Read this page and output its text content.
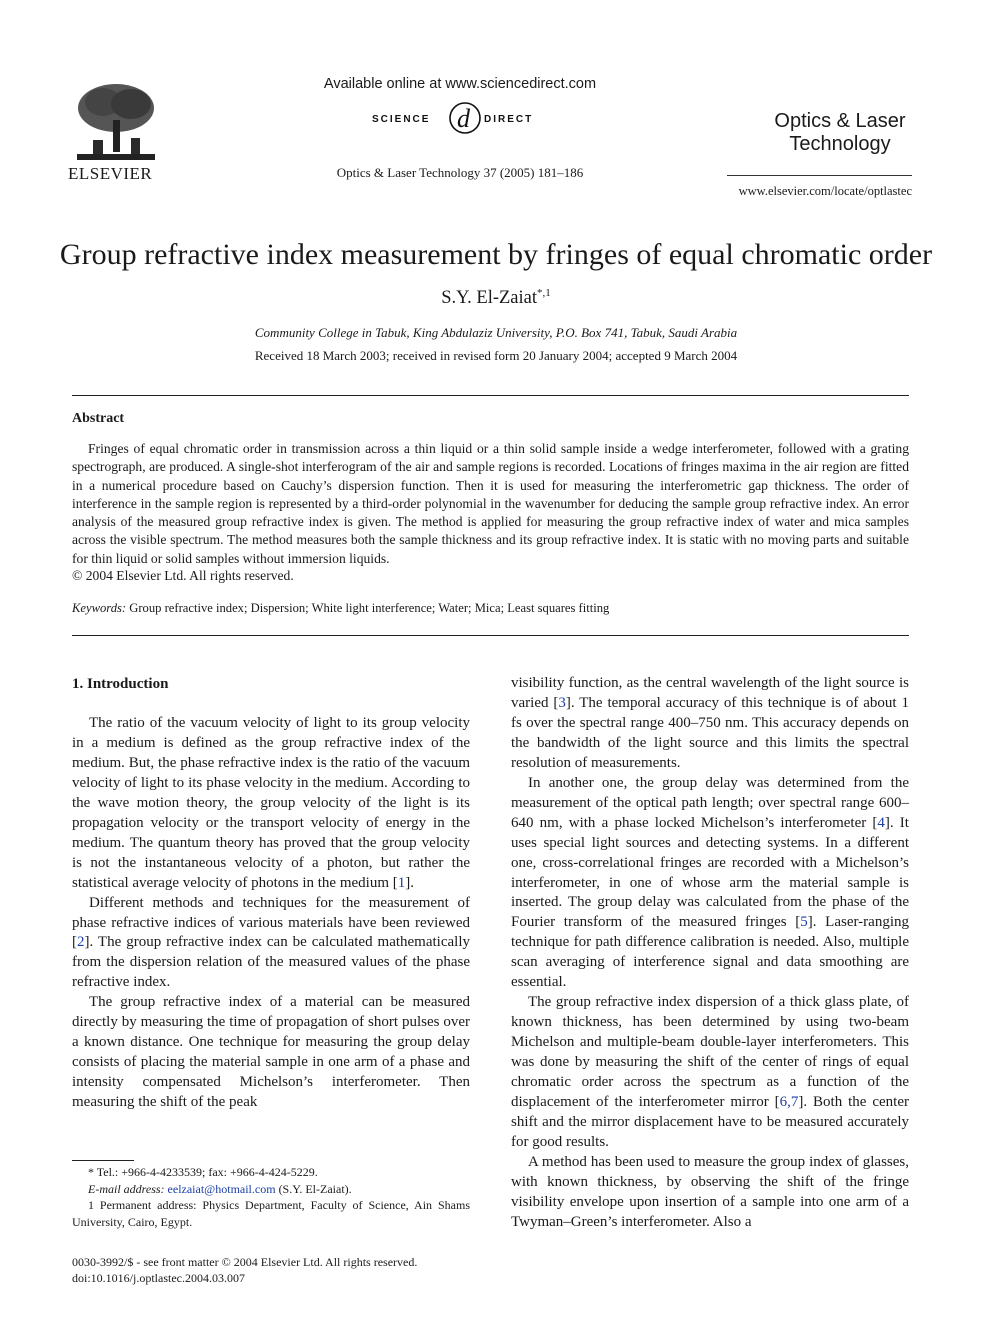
ELSEVIER
Available online at www.sciencedirect.com
SCIENCE d DIRECT
Optics & Laser Technology 37 (2005) 181–186
Optics & Laser
Technology
www.elsevier.com/locate/optlastec
Group refractive index measurement by fringes of equal chromatic order
S.Y. El-Zaiat$^{*,1}$
Community College in Tabuk, King Abdulaziz University, P.O. Box 741, Tabuk, Saudi Arabia
Received 18 March 2003; received in revised form 20 January 2004; accepted 9 March 2004
Abstract

Fringes of equal chromatic order in transmission across a thin liquid or a thin solid sample inside a wedge interferometer, followed with a grating spectrograph, are produced. A single-shot interferogram of the air and sample regions is recorded. Locations of fringes maxima in the air region are fitted in a numerical procedure based on Cauchy’s dispersion function. Then it is used for measuring the interferometric gap thickness. The order of interference in the sample region is represented by a third-order polynomial in the wavenumber for deducing the sample group refractive index. An error analysis of the measured group refractive index is given. The method is applied for measuring the group refractive index of water and mica samples across the visible spectrum. The method measures both the sample thickness and its group refractive index. It is static with no moving parts and suitable for thin liquid or solid samples without immersion liquids.

© 2004 Elsevier Ltd. All rights reserved.
Keywords: Group refractive index; Dispersion; White light interference; Water; Mica; Least squares fitting
1. Introduction

The ratio of the vacuum velocity of light to its group velocity in a medium is defined as the group refractive index of the medium. But, the phase refractive index is the ratio of the vacuum velocity of light to its phase velocity in the medium. According to the wave motion theory, the group velocity of the light is its propagation velocity or the transport velocity of energy in the medium. The quantum theory has proved that the group velocity is not the instantaneous velocity of a photon, but rather the statistical average velocity of photons in the medium [1].

Different methods and techniques for the measurement of phase refractive indices of various materials have been reviewed [2]. The group refractive index can be calculated mathematically from the dispersion relation of the measured values of the phase refractive index.

The group refractive index of a material can be measured directly by measuring the time of propagation of short pulses over a known distance. One technique for measuring the group delay consists of placing the material sample in one arm of a phase and intensity compensated Michelson’s interferometer. Then measuring the shift of the peak

visibility function, as the central wavelength of the light source is varied [3]. The temporal accuracy of this technique is of about 1 fs over the spectral range 400–750 nm. This accuracy depends on the bandwidth of the light source and this limits the spectral resolution of measurements.

In another one, the group delay was determined from the measurement of the optical path length; over spectral range 600–640 nm, with a phase locked Michelson’s interferometer [4]. It uses special light sources and detecting systems. In a different one, cross-correlational fringes are recorded with a Michelson’s interferometer, in one of whose arm the material sample is inserted. The group delay was calculated from the phase of the Fourier transform of the measured fringes [5]. Laser-ranging technique for path difference calibration is needed. Also, multiple scan averaging of interference signal and data smoothing are essential.

The group refractive index dispersion of a thick glass plate, of known thickness, has been determined by using two-beam Michelson and multiple-beam double-layer interferometers. This was done by measuring the shift of the center of rings of equal chromatic order across the spectrum as a function of the displacement of the interferometer mirror [6,7]. Both the center shift and the mirror displacement have to be measured accurately for good results.

A method has been used to measure the group index of glasses, with known thickness, by observing the shift of the fringe visibility envelope upon insertion of a sample into one arm of a Twyman–Green’s interferometer. Also a

* Tel.: +966-4-4233539; fax: +966-4-424-5229.
E-mail address: eelzaiat@hotmail.com (S.Y. El-Zaiat).
1 Permanent address: Physics Department, Faculty of Science, Ain Shams University, Cairo, Egypt.
0030-3992/$ - see front matter © 2004 Elsevier Ltd. All rights reserved.
doi:10.1016/j.optlastec.2004.03.007
